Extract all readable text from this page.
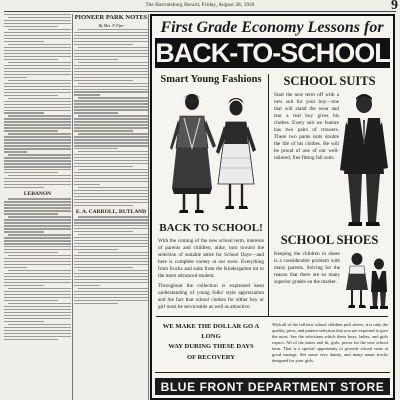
9
The Harrodsburg Herald, Friday, August 28, 1936
LEBANON
PIONEER PARK NOTES
By Mrs. P. Pipe
E. A. CARROLL, RUTLAND
First Grade Economy Lessons for
BACK-TO-SCHOOL
Smart Young Fashions	SCHOOL SUITS
BACK TO SCHOOL!

With the coming of the new school term, interests of parents and children, alike, turn toward the selection of suitable attire for School Days—and here is complete variety at our store. Everything from frocks and suits from the Kindergarten tot to the more advanced student.

Throughout the collection is expressed keen understanding of young folks' style appreciation and the fact that school clothes for either boy or girl must be serviceable as well as attractive.

Start the new term off with a new suit for your boy—one that will stand the wear and tear a real boy gives his clothes. Every suit we feature has two pairs of trousers. These two pants suits double the life of his clothes. He will be proud of one of our well-tailored, fine fitting fall suits.
SCHOOL SHOES
Keeping the children in shoes is a considerable problem with many parents. Solving for the reason that there are so many superior grades on the market.
WE MAKE THE DOLLAR GO A LONG
WAY DURING THESE DAYS
OF RECOVERY
With all of the fall new school children pick above, it is only the quality, price, and pattern selection that you are expected to give the most. See the selections which these boys, ladies, and girls expect. All of the tastes and fit, girls, prices for the new school term. That is a special opportunity to provide school wear at good savings. See some very dainty, and many smart frocks designed for your girls.
BLUE FRONT DEPARTMENT STORE
